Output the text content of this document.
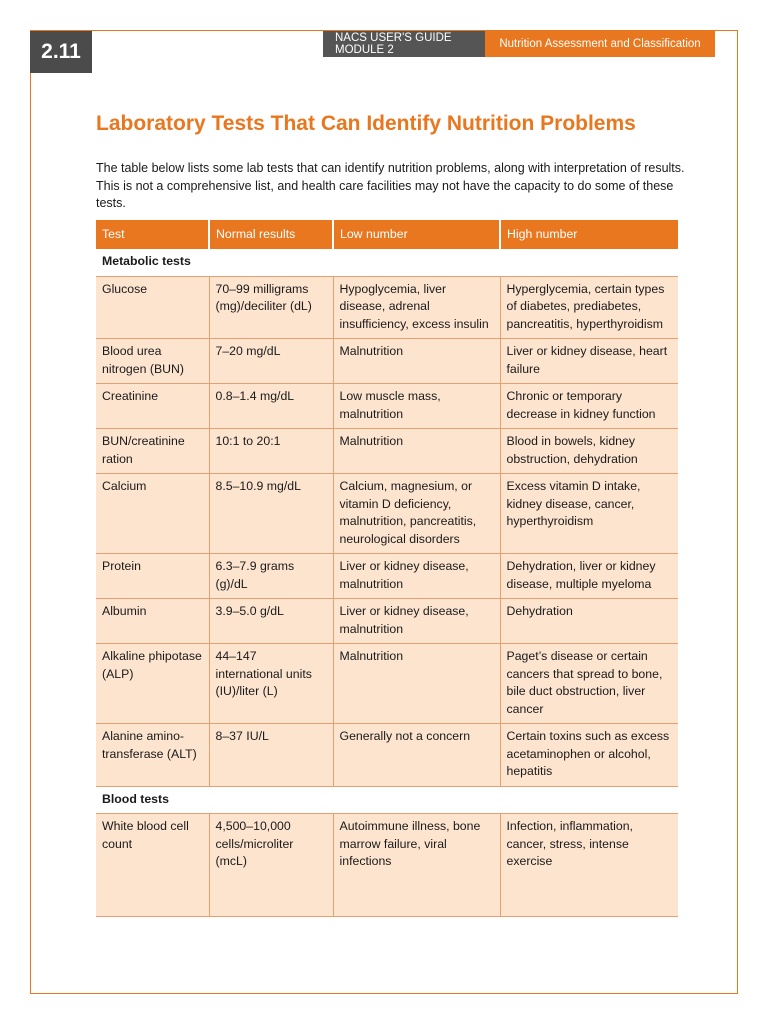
2.11
NACS USER'S GUIDE MODULE 2	Nutrition Assessment and Classification
Laboratory Tests That Can Identify Nutrition Problems

The table below lists some lab tests that can identify nutrition problems, along with interpretation of results. This is not a comprehensive list, and health care facilities may not have the capacity to do some of these tests.

Test	Normal results	Low number	High number
Metabolic tests			
Glucose	70–99 milligrams (mg)/deciliter (dL)	Hypoglycemia, liver disease, adrenal insufficiency, excess insulin	Hyperglycemia, certain types of diabetes, prediabetes, pancreatitis, hyperthyroidism
Blood urea nitrogen (BUN)	7–20 mg/dL	Malnutrition	Liver or kidney disease, heart failure
Creatinine	0.8–1.4 mg/dL	Low muscle mass, malnutrition	Chronic or temporary decrease in kidney function
BUN/creatinine ration	10:1 to 20:1	Malnutrition	Blood in bowels, kidney obstruction, dehydration
Calcium	8.5–10.9 mg/dL	Calcium, magnesium, or vitamin D deficiency, malnutrition, pancreatitis, neurological disorders	Excess vitamin D intake, kidney disease, cancer, hyperthyroidism
Protein	6.3–7.9 grams (g)/dL	Liver or kidney disease, malnutrition	Dehydration, liver or kidney disease, multiple myeloma
Albumin	3.9–5.0 g/dL	Liver or kidney disease, malnutrition	Dehydration
Alkaline phipotase (ALP)	44–147 international units (IU)/liter (L)	Malnutrition	Paget’s disease or certain cancers that spread to bone, bile duct obstruction, liver cancer
Alanine amino-transferase (ALT)	8–37 IU/L	Generally not a concern	Certain toxins such as excess acetaminophen or alcohol, hepatitis
Blood tests			
White blood cell count	4,500–10,000 cells/microliter (mcL)	Autoimmune illness, bone marrow failure, viral infections	Infection, inflammation, cancer, stress, intense exercise
